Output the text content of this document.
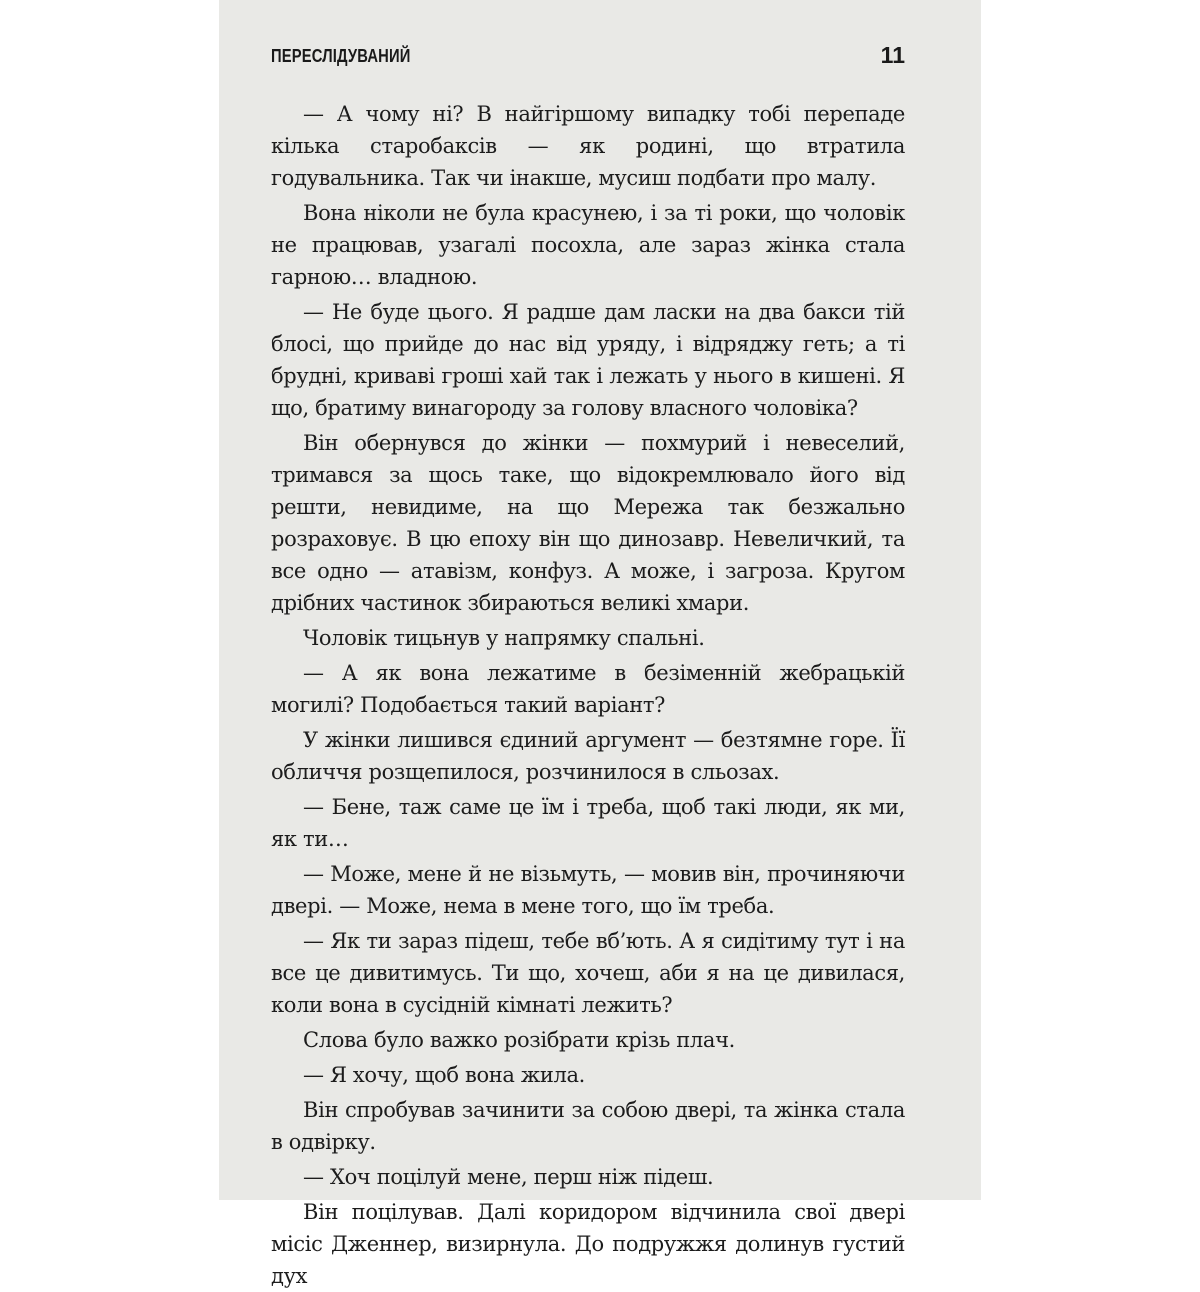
ПЕРЕСЛІДУВАНИЙ	11

— А чому ні? В найгіршому випадку тобі перепаде кілька старобаксів — як родині, що втратила годувальника. Так чи інакше, мусиш подбати про малу.

Вона ніколи не була красунею, і за ті роки, що чоловік не працював, узагалі посохла, але зараз жінка стала гарною… владною.

— Не буде цього. Я радше дам ласки на два бакси тій блосі, що прийде до нас від уряду, і відряджу геть; а ті брудні, криваві гроші хай так і лежать у нього в кишені. Я що, братиму винагороду за голову власного чоловіка?

Він обернувся до жінки — похмурий і невеселий, тримався за щось таке, що відокремлювало його від решти, невидиме, на що Мережа так безжально розраховує. В цю епоху він що динозавр. Невеличкий, та все одно — атавізм, конфуз. А може, і загроза. Кругом дрібних частинок збираються великі хмари.

Чоловік тицьнув у напрямку спальні.

— А як вона лежатиме в безіменній жебрацькій могилі? Подобається такий варіант?

У жінки лишився єдиний аргумент — безтямне горе. Її обличчя розщепилося, розчинилося в сльозах.

— Бене, таж саме це їм і треба, щоб такі люди, як ми, як ти…

— Може, мене й не візьмуть, — мовив він, прочиняючи двері. — Може, нема в мене того, що їм треба.

— Як ти зараз підеш, тебе вб’ють. А я сидітиму тут і на все це дивитимусь. Ти що, хочеш, аби я на це дивилася, коли вона в сусідній кімнаті лежить?

Слова було важко розібрати крізь плач.

— Я хочу, щоб вона жила.

Він спробував зачинити за собою двері, та жінка стала в одвірку.

— Хоч поцілуй мене, перш ніж підеш.

Він поцілував. Далі коридором відчинила свої двері місіс Дженнер, визирнула. До подружжя долинув густий дух
